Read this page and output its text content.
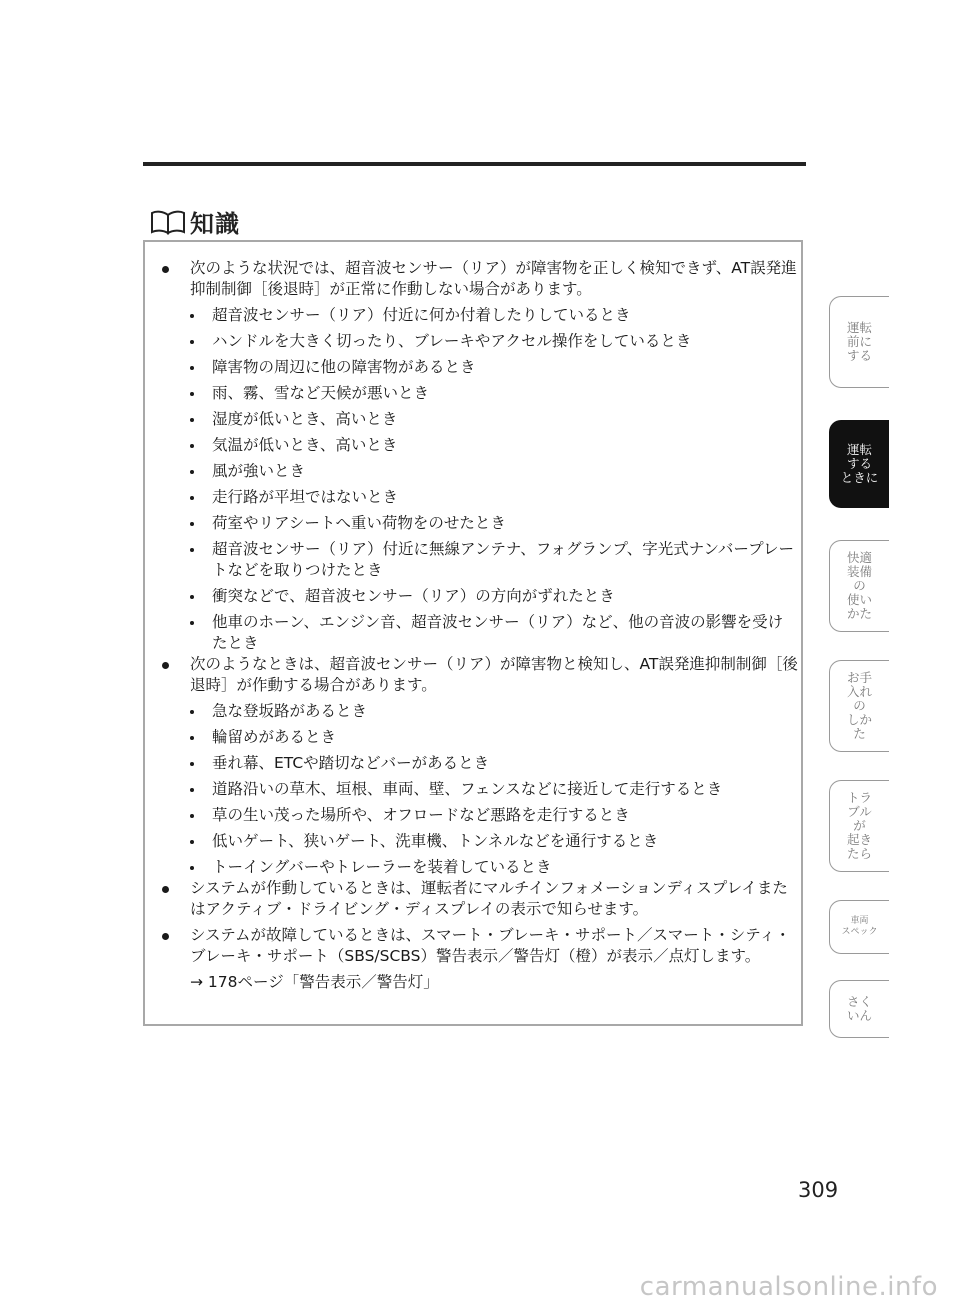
知識
次のような状況では、超音波センサー（リア）が障害物を正しく検知できず、AT誤発進抑制制御［後退時］が正常に作動しない場合があります。
超音波センサー（リア）付近に何か付着したりしているとき
ハンドルを大きく切ったり、ブレーキやアクセル操作をしているとき
障害物の周辺に他の障害物があるとき
雨、霧、雪など天候が悪いとき
湿度が低いとき、高いとき
気温が低いとき、高いとき
風が強いとき
走行路が平坦ではないとき
荷室やリアシートへ重い荷物をのせたとき
超音波センサー（リア）付近に無線アンテナ、フォグランプ、字光式ナンバープレートなどを取りつけたとき
衝突などで、超音波センサー（リア）の方向がずれたとき
他車のホーン、エンジン音、超音波センサー（リア）など、他の音波の影響を受けたとき
次のようなときは、超音波センサー（リア）が障害物と検知し、AT誤発進抑制制御［後退時］が作動する場合があります。
急な登坂路があるとき
輪留めがあるとき
垂れ幕、ETCや踏切などバーがあるとき
道路沿いの草木、垣根、車両、壁、フェンスなどに接近して走行するとき
草の生い茂った場所や、オフロードなど悪路を走行するとき
低いゲート、狭いゲート、洗車機、トンネルなどを通行するとき
トーイングバーやトレーラーを装着しているとき
システムが作動しているときは、運転者にマルチインフォメーションディスプレイまたはアクティブ・ドライビング・ディスプレイの表示で知らせます。
システムが故障しているときは、スマート・ブレーキ・サポート／スマート・シティ・ブレーキ・サポート（SBS/SCBS）警告表示／警告灯（橙）が表示／点灯します。
→ 178ページ「警告表示／警告灯」
運転
前に
する
運転
する
ときに
快適
装備
の
使い
かた
お手
入れ
の
しか
た
トラ
ブル
が
起き
たら
車両
スペック
さく
いん
309
carmanualsonline.info
